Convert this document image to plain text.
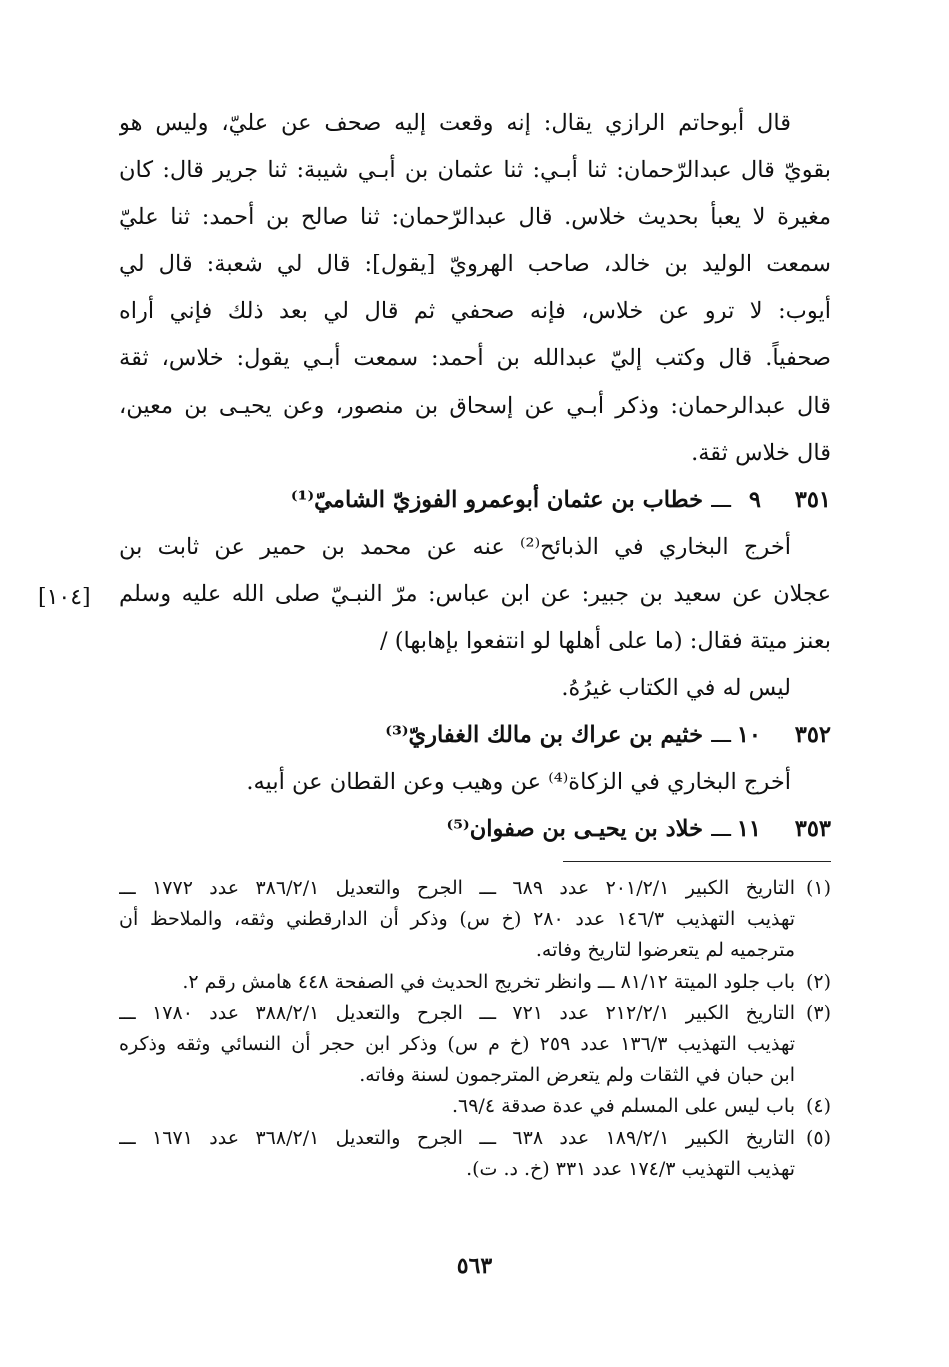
قال أبوحاتم الرازي يقال: إنه وقعت إليه صحف عن عليّ، وليس هو
بقويّ قال عبدالرّحمان: ثنا أبـي: ثنا عثمان بن أبـي شيبة: ثنا جرير قال: كان
مغيرة لا يعبأ بحديث خلاس. قال عبدالرّحمان: ثنا صالح بن أحمد: ثنا عليّ
سمعت الوليد بن خالد، صاحب الهرويّ [يقول]: قال لي شعبة: قال لي
أيوب: لا ترو عن خلاس، فإنه صحفي ثم قال لي بعد ذلك فإني أراه
صحفياً. قال وكتب إليّ عبدالله بن أحمد: سمعت أبـي يقول: خلاس، ثقة
قال عبدالرحمان: وذكر أبـي عن إسحاق بن منصور، وعن يحيـى بن معين،
قال خلاس ثقة.
٣٥١
٩
ـــ
خطاب بن عثمان أبوعمرو الفوزيّ الشاميّ⁽¹⁾
أخرج البخاري في الذبائح⁽²⁾ عنه عن محمد بن حمير عن ثابت بن
عجلان عن سعيد بن جبير: عن ابن عباس: مرّ النبـيّ صلى الله عليه وسلم
بعنز ميتة فقال: (ما على أهلها لو انتفعوا بإهابها) /
ليس له في الكتاب غيرُهُ.
٣٥٢
١٠
ـــ
خثيم بن عراك بن مالك الغفاريّ⁽³⁾
أخرج البخاري في الزكاة⁽⁴⁾ عن وهيب وعن القطان عن أبيه.
٣٥٣
١١
ـــ
خلاد بن يحيـى بن صفوان⁽⁵⁾
[١٠٤]
(١)التاريخ الكبير ٢٠١/٢/١ عدد ٦٨٩ ـــ الجرح والتعديل ٣٨٦/٢/١ عدد ١٧٧٢ ـــ
تهذيب التهذيب ١٤٦/٣ عدد ٢٨٠ (خ س) وذكر أن الدارقطني وثقه، والملاحظ أن
مترجميه لم يتعرضوا لتاريخ وفاته.
(٢)باب جلود الميتة ٨١/١٢ ـــ وانظر تخريج الحديث في الصفحة ٤٤٨ هامش رقم ٢.
(٣)التاريخ الكبير ٢١٢/٢/١ عدد ٧٢١ ـــ الجرح والتعديل ٣٨٨/٢/١ عدد ١٧٨٠ ـــ
تهذيب التهذيب ١٣٦/٣ عدد ٢٥٩ (خ م س) وذكر ابن حجر أن النسائي وثقه وذكره
ابن حبان في الثقات ولم يتعرض المترجمون لسنة وفاته.
(٤)باب ليس على المسلم في عدة صدقة ٦٩/٤.
(٥)التاريخ الكبير ١٨٩/٢/١ عدد ٦٣٨ ـــ الجرح والتعديل ٣٦٨/٢/١ عدد ١٦٧١ ـــ
تهذيب التهذيب ١٧٤/٣ عدد ٣٣١ (خ. د. ت).
٥٦٣
